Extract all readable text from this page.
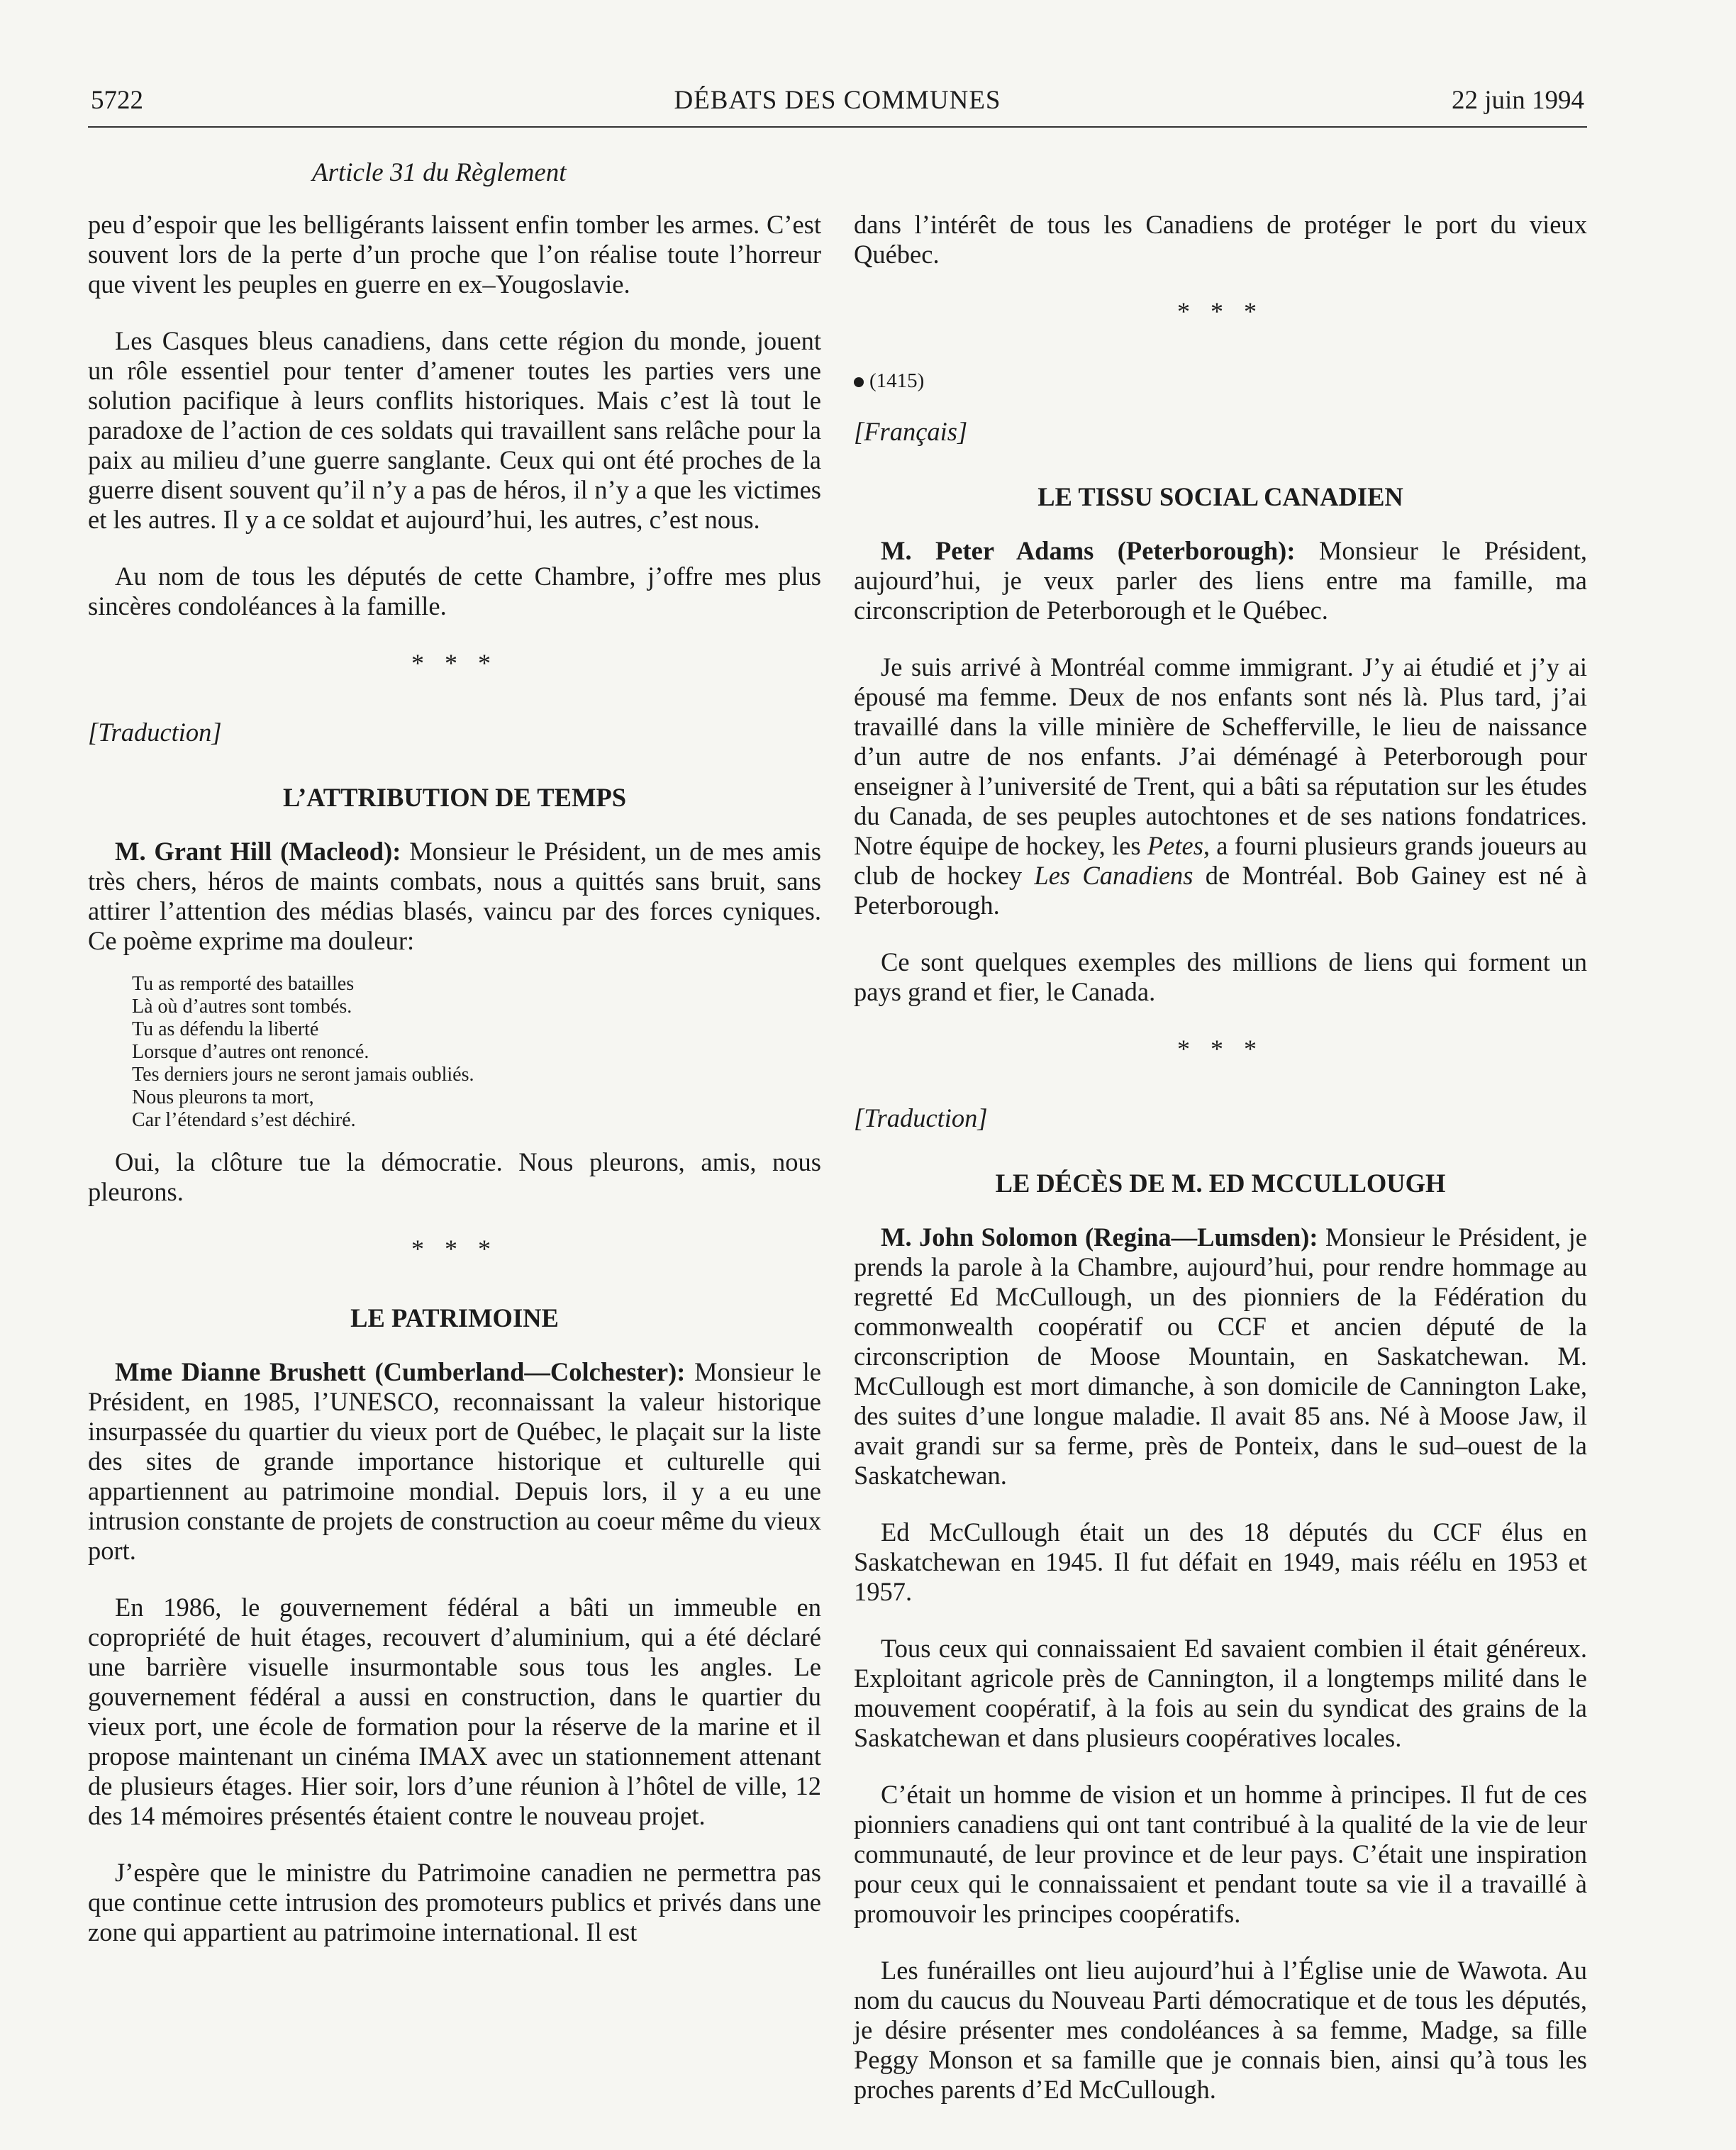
5722	DÉBATS DES COMMUNES	22 juin 1994
Article 31 du Règlement

peu d’espoir que les belligérants laissent enfin tomber les armes. C’est souvent lors de la perte d’un proche que l’on réalise toute l’horreur que vivent les peuples en guerre en ex–Yougoslavie.

Les Casques bleus canadiens, dans cette région du monde, jouent un rôle essentiel pour tenter d’amener toutes les parties vers une solution pacifique à leurs conflits historiques. Mais c’est là tout le paradoxe de l’action de ces soldats qui travaillent sans relâche pour la paix au milieu d’une guerre sanglante. Ceux qui ont été proches de la guerre disent souvent qu’il n’y a pas de héros, il n’y a que les victimes et les autres. Il y a ce soldat et aujourd’hui, les autres, c’est nous.

Au nom de tous les députés de cette Chambre, j’offre mes plus sincères condoléances à la famille.

* * *
[Traduction]
L’ATTRIBUTION DE TEMPS

M. Grant Hill (Macleod): Monsieur le Président, un de mes amis très chers, héros de maints combats, nous a quittés sans bruit, sans attirer l’attention des médias blasés, vaincu par des forces cyniques. Ce poème exprime ma douleur:

Tu as remporté des batailles
Là où d’autres sont tombés.
Tu as défendu la liberté
Lorsque d’autres ont renoncé.
Tes derniers jours ne seront jamais oubliés.
Nous pleurons ta mort,
Car l’étendard s’est déchiré.

Oui, la clôture tue la démocratie. Nous pleurons, amis, nous pleurons.

* * *
LE PATRIMOINE

Mme Dianne Brushett (Cumberland—Colchester): Monsieur le Président, en 1985, l’UNESCO, reconnaissant la valeur historique insurpassée du quartier du vieux port de Québec, le plaçait sur la liste des sites de grande importance historique et culturelle qui appartiennent au patrimoine mondial. Depuis lors, il y a eu une intrusion constante de projets de construction au coeur même du vieux port.

En 1986, le gouvernement fédéral a bâti un immeuble en copropriété de huit étages, recouvert d’aluminium, qui a été déclaré une barrière visuelle insurmontable sous tous les angles. Le gouvernement fédéral a aussi en construction, dans le quartier du vieux port, une école de formation pour la réserve de la marine et il propose maintenant un cinéma IMAX avec un stationnement attenant de plusieurs étages. Hier soir, lors d’une réunion à l’hôtel de ville, 12 des 14 mémoires présentés étaient contre le nouveau projet.

J’espère que le ministre du Patrimoine canadien ne permettra pas que continue cette intrusion des promoteurs publics et privés dans une zone qui appartient au patrimoine international. Il est

dans l’intérêt de tous les Canadiens de protéger le port du vieux Québec.

* * *
(1415)
[Français]
LE TISSU SOCIAL CANADIEN

M. Peter Adams (Peterborough): Monsieur le Président, aujourd’hui, je veux parler des liens entre ma famille, ma circonscription de Peterborough et le Québec.

Je suis arrivé à Montréal comme immigrant. J’y ai étudié et j’y ai épousé ma femme. Deux de nos enfants sont nés là. Plus tard, j’ai travaillé dans la ville minière de Schefferville, le lieu de naissance d’un autre de nos enfants. J’ai déménagé à Peterborough pour enseigner à l’université de Trent, qui a bâti sa réputation sur les études du Canada, de ses peuples autochtones et de ses nations fondatrices. Notre équipe de hockey, les Petes, a fourni plusieurs grands joueurs au club de hockey Les Canadiens de Montréal. Bob Gainey est né à Peterborough.

Ce sont quelques exemples des millions de liens qui forment un pays grand et fier, le Canada.

* * *
[Traduction]
LE DÉCÈS DE M. ED MCCULLOUGH

M. John Solomon (Regina—Lumsden): Monsieur le Président, je prends la parole à la Chambre, aujourd’hui, pour rendre hommage au regretté Ed McCullough, un des pionniers de la Fédération du commonwealth coopératif ou CCF et ancien député de la circonscription de Moose Mountain, en Saskatchewan. M. McCullough est mort dimanche, à son domicile de Cannington Lake, des suites d’une longue maladie. Il avait 85 ans. Né à Moose Jaw, il avait grandi sur sa ferme, près de Ponteix, dans le sud–ouest de la Saskatchewan.

Ed McCullough était un des 18 députés du CCF élus en Saskatchewan en 1945. Il fut défait en 1949, mais réélu en 1953 et 1957.

Tous ceux qui connaissaient Ed savaient combien il était généreux. Exploitant agricole près de Cannington, il a longtemps milité dans le mouvement coopératif, à la fois au sein du syndicat des grains de la Saskatchewan et dans plusieurs coopératives locales.

C’était un homme de vision et un homme à principes. Il fut de ces pionniers canadiens qui ont tant contribué à la qualité de la vie de leur communauté, de leur province et de leur pays. C’était une inspiration pour ceux qui le connaissaient et pendant toute sa vie il a travaillé à promouvoir les principes coopératifs.

Les funérailles ont lieu aujourd’hui à l’Église unie de Wawota. Au nom du caucus du Nouveau Parti démocratique et de tous les députés, je désire présenter mes condoléances à sa femme, Madge, sa fille Peggy Monson et sa famille que je connais bien, ainsi qu’à tous les proches parents d’Ed McCullough.
